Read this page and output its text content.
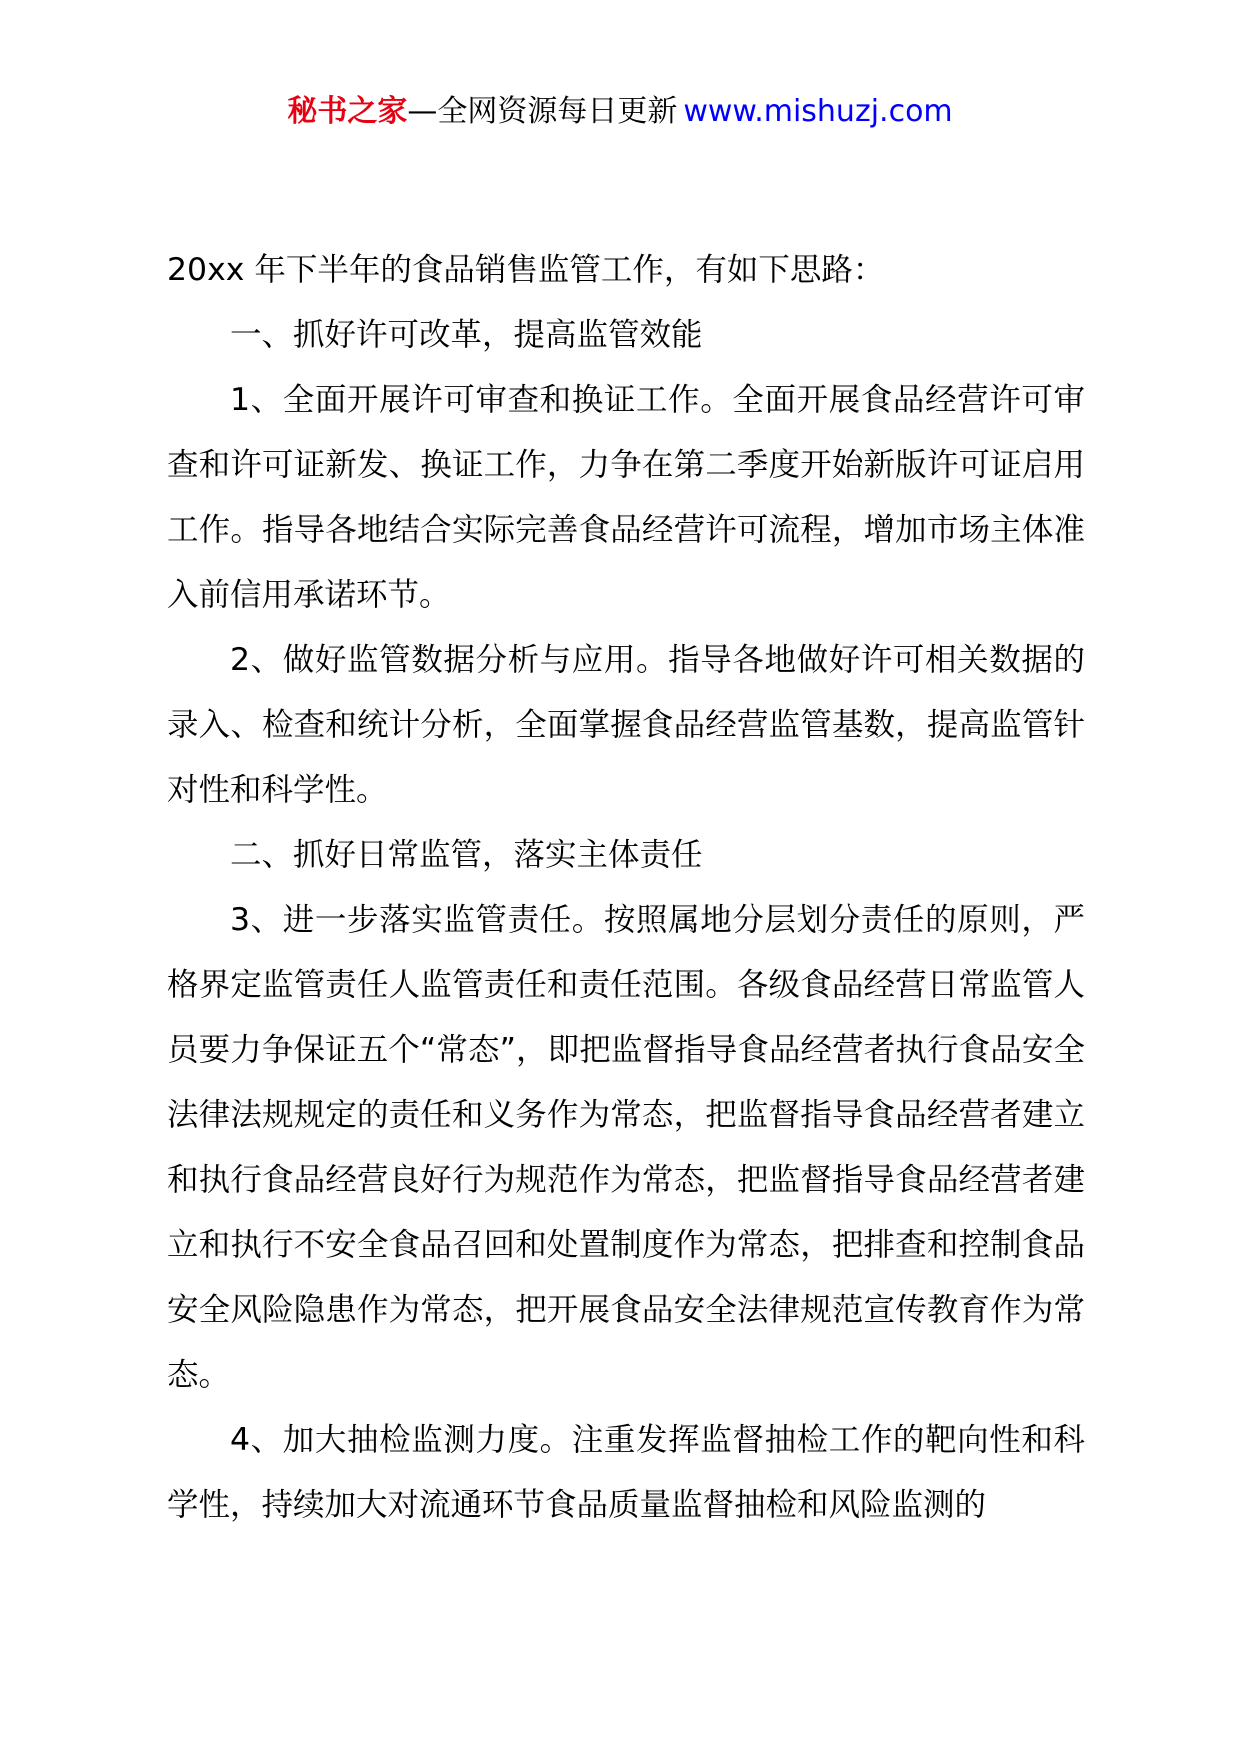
秘书之家—全网资源每日更新 www.mishuzj.com

20xx 年下半年的食品销售监管工作，有如下思路：

一、抓好许可改革，提高监管效能

1、全面开展许可审查和换证工作。全面开展食品经营许可审查和许可证新发、换证工作，力争在第二季度开始新版许可证启用工作。指导各地结合实际完善食品经营许可流程，增加市场主体准入前信用承诺环节。

2、做好监管数据分析与应用。指导各地做好许可相关数据的录入、检查和统计分析，全面掌握食品经营监管基数，提高监管针对性和科学性。

二、抓好日常监管，落实主体责任

3、进一步落实监管责任。按照属地分层划分责任的原则，严格界定监管责任人监管责任和责任范围。各级食品经营日常监管人员要力争保证五个“常态”，即把监督指导食品经营者执行食品安全法律法规规定的责任和义务作为常态，把监督指导食品经营者建立和执行食品经营良好行为规范作为常态，把监督指导食品经营者建立和执行不安全食品召回和处置制度作为常态，把排查和控制食品安全风险隐患作为常态，把开展食品安全法律规范宣传教育作为常态。

4、加大抽检监测力度。注重发挥监督抽检工作的靶向性和科学性，持续加大对流通环节食品质量监督抽检和风险监测的
